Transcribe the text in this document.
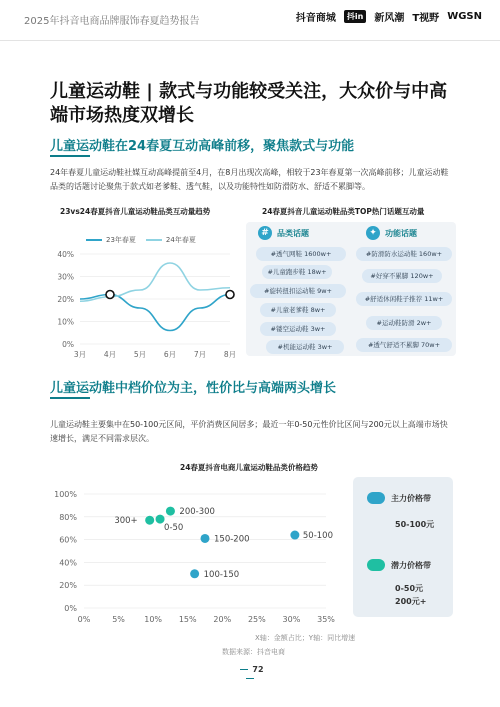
2025年抖音电商品牌服饰春夏趋势报告	抖音商城	抖in	新风潮 T视野 WGSN
儿童运动鞋 | 款式与功能较受关注，大众价与中高端市场热度双增长
儿童运动鞋在24春夏互动高峰前移，聚焦款式与功能
24年春夏儿童运动鞋社媒互动高峰提前至4月，在8月出现次高峰，相较于23年春夏第一次高峰前移；儿童运动鞋品类的话题讨论聚焦于款式如老爹鞋、透气鞋，以及功能特性如防滑防水、舒适不累脚等。
23vs24春夏抖音儿童运动鞋品类互动量趋势
23年春夏	24年春夏
0%
10%
20%
30%
40%
3月 4月 5月 6月 7月 8月
24春夏抖音儿童运动鞋品类TOP热门话题互动量
#	品类话题	✦	功能话题
#透气网鞋 1600w+
#儿童跑步鞋 18w+
#旋转扭扣运动鞋 9w+
#儿童老爹鞋 8w+
#镂空运动鞋 3w+
#机能运动鞋 3w+
#防滑防水运动鞋 160w+
#好穿不累脚 120w+
#舒适休闲鞋子推荐 11w+
#运动鞋防滑 2w+
#透气舒适不累脚 70w+
儿童运动鞋中档价位为主，性价比与高端两头增长
儿童运动鞋主要集中在50-100元区间，平价消费区间居多；最近一年0-50元性价比区间与200元以上高端市场快速增长，满足不同需求层次。
24春夏抖音电商儿童运动鞋品类价格趋势
0%
20%
40%
60%
80%
100%
0%	5% 10% 15% 20% 25% 30% 35%
300+
0-50
200-300
150-200
100-150
50-100
主力价格带
50-100元
潜力价格带
0-50元
200元+
X轴：金额占比；Y轴：同比增速
数据来源：抖音电商
72
